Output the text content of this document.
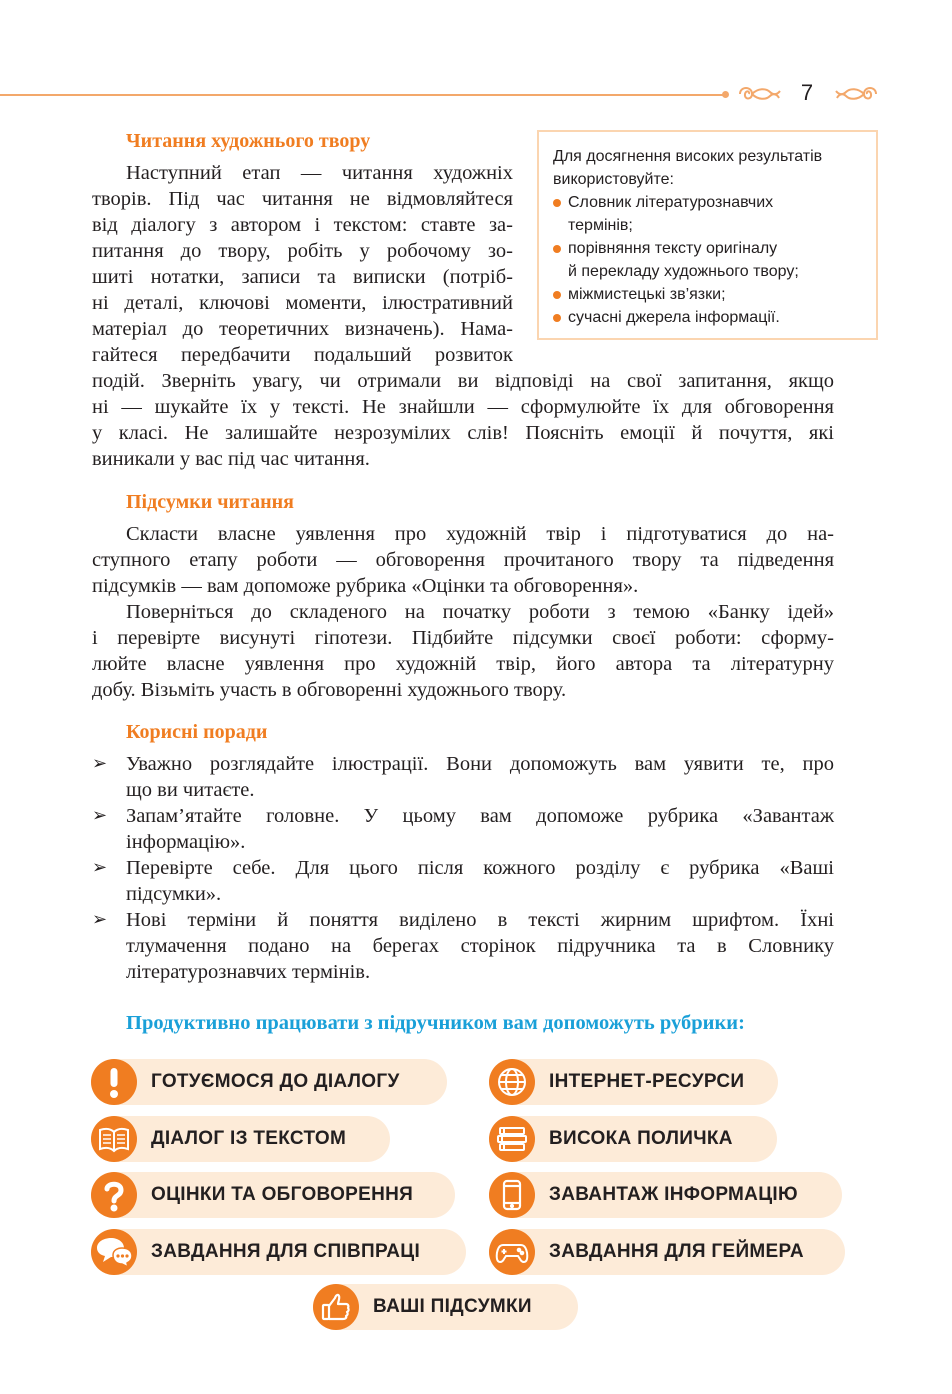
7
Читання художнього твору
Наступний етап — читання художніх
творів. Під час читання не відмовляйтеся
від діалогу з автором і текстом: ставте за-
питання до твору, робіть у робочому зо-
шиті нотатки, записи та виписки (потріб-
ні деталі, ключові моменти, ілюстративний
матеріал до теоретичних визначень). Нама-
гайтеся передбачити подальший розвиток
подій. Зверніть увагу, чи отримали ви відповіді на свої запитання, якщо
ні — шукайте їх у тексті. Не знайшли — сформулюйте їх для обговорення
у класі. Не залишайте незрозумілих слів! Поясніть емоції й почуття, які
виникали у вас під час читання.
Для досягнення високих результатів
використовуйте:
Словник літературознавчих
термінів;
порівняння тексту оригіналу
й перекладу художнього твору;
міжмистецькі зв’язки;
сучасні джерела інформації.
Підсумки читання
Скласти власне уявлення про художній твір і підготуватися до на-
ступного етапу роботи — обговорення прочитаного твору та підведення
підсумків — вам допоможе рубрика «Оцінки та обговорення».
Поверніться до складеного на початку роботи з темою «Банку ідей»
і перевірте висунуті гіпотези. Підбийте підсумки своєї роботи: сформу-
люйте власне уявлення про художній твір, його автора та літературну
добу. Візьміть участь в обговоренні художнього твору.
Корисні поради
➢ Уважно розглядайте ілюстрації. Вони допоможуть вам уявити те, про
що ви читаєте.
➢ Запам’ятайте головне. У цьому вам допоможе рубрика «Завантаж
інформацію».
➢ Перевірте себе. Для цього після кожного розділу є рубрика «Ваші
підсумки».
➢ Нові терміни й поняття виділено в тексті жирним шрифтом. Їхні
тлумачення подано на берегах сторінок підручника та в Словнику
літературознавчих термінів.
Продуктивно працювати з підручником вам допоможуть рубрики:
ГОТУЄМОСЯ ДО ДІАЛОГУ	ІНТЕРНЕТ-РЕСУРСИ
ДІАЛОГ ІЗ ТЕКСТОМ	ВИСОКА ПОЛИЧКА
ОЦІНКИ ТА ОБГОВОРЕННЯ	ЗАВАНТАЖ ІНФОРМАЦІЮ
ЗАВДАННЯ ДЛЯ СПІВПРАЦІ	ЗАВДАННЯ ДЛЯ ГЕЙМЕРА
ВАШІ ПІДСУМКИ
